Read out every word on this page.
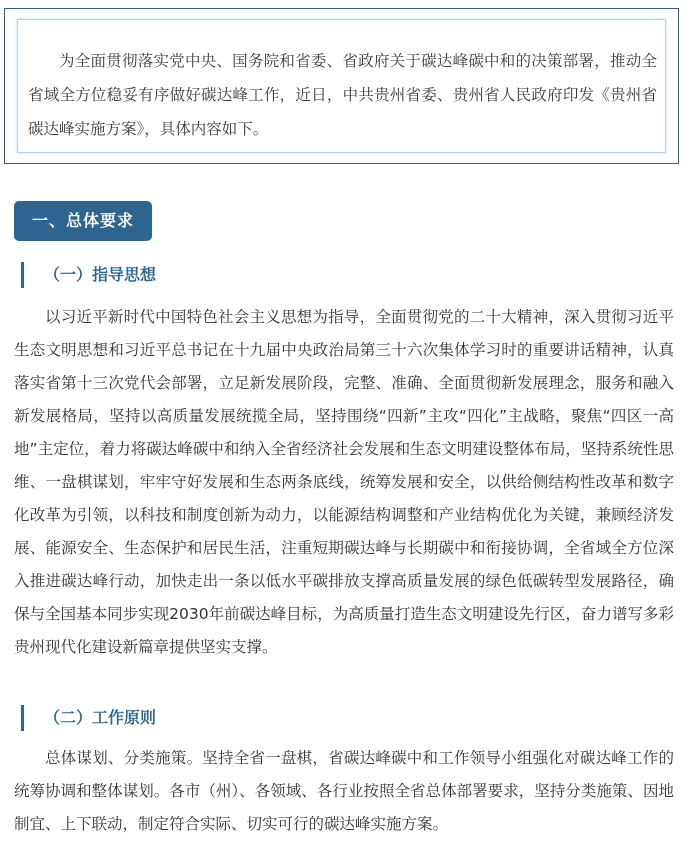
为全面贯彻落实党中央、国务院和省委、省政府关于碳达峰碳中和的决策部署，推动全省域全方位稳妥有序做好碳达峰工作，近日，中共贵州省委、贵州省人民政府印发《贵州省碳达峰实施方案》，具体内容如下。
一、总体要求
（一）指导思想
以习近平新时代中国特色社会主义思想为指导，全面贯彻党的二十大精神，深入贯彻习近平生态文明思想和习近平总书记在十九届中央政治局第三十六次集体学习时的重要讲话精神，认真落实省第十三次党代会部署，立足新发展阶段，完整、准确、全面贯彻新发展理念，服务和融入新发展格局，坚持以高质量发展统揽全局，坚持围绕“四新”主攻“四化”主战略，聚焦“四区一高地”主定位，着力将碳达峰碳中和纳入全省经济社会发展和生态文明建设整体布局，坚持系统性思维、一盘棋谋划，牢牢守好发展和生态两条底线，统筹发展和安全，以供给侧结构性改革和数字化改革为引领，以科技和制度创新为动力，以能源结构调整和产业结构优化为关键，兼顾经济发展、能源安全、生态保护和居民生活，注重短期碳达峰与长期碳中和衔接协调，全省域全方位深入推进碳达峰行动，加快走出一条以低水平碳排放支撑高质量发展的绿色低碳转型发展路径，确保与全国基本同步实现2030年前碳达峰目标，为高质量打造生态文明建设先行区，奋力谱写多彩贵州现代化建设新篇章提供坚实支撑。
（二）工作原则
总体谋划、分类施策。坚持全省一盘棋，省碳达峰碳中和工作领导小组强化对碳达峰工作的统筹协调和整体谋划。各市（州）、各领域、各行业按照全省总体部署要求，坚持分类施策、因地制宜、上下联动，制定符合实际、切实可行的碳达峰实施方案。
